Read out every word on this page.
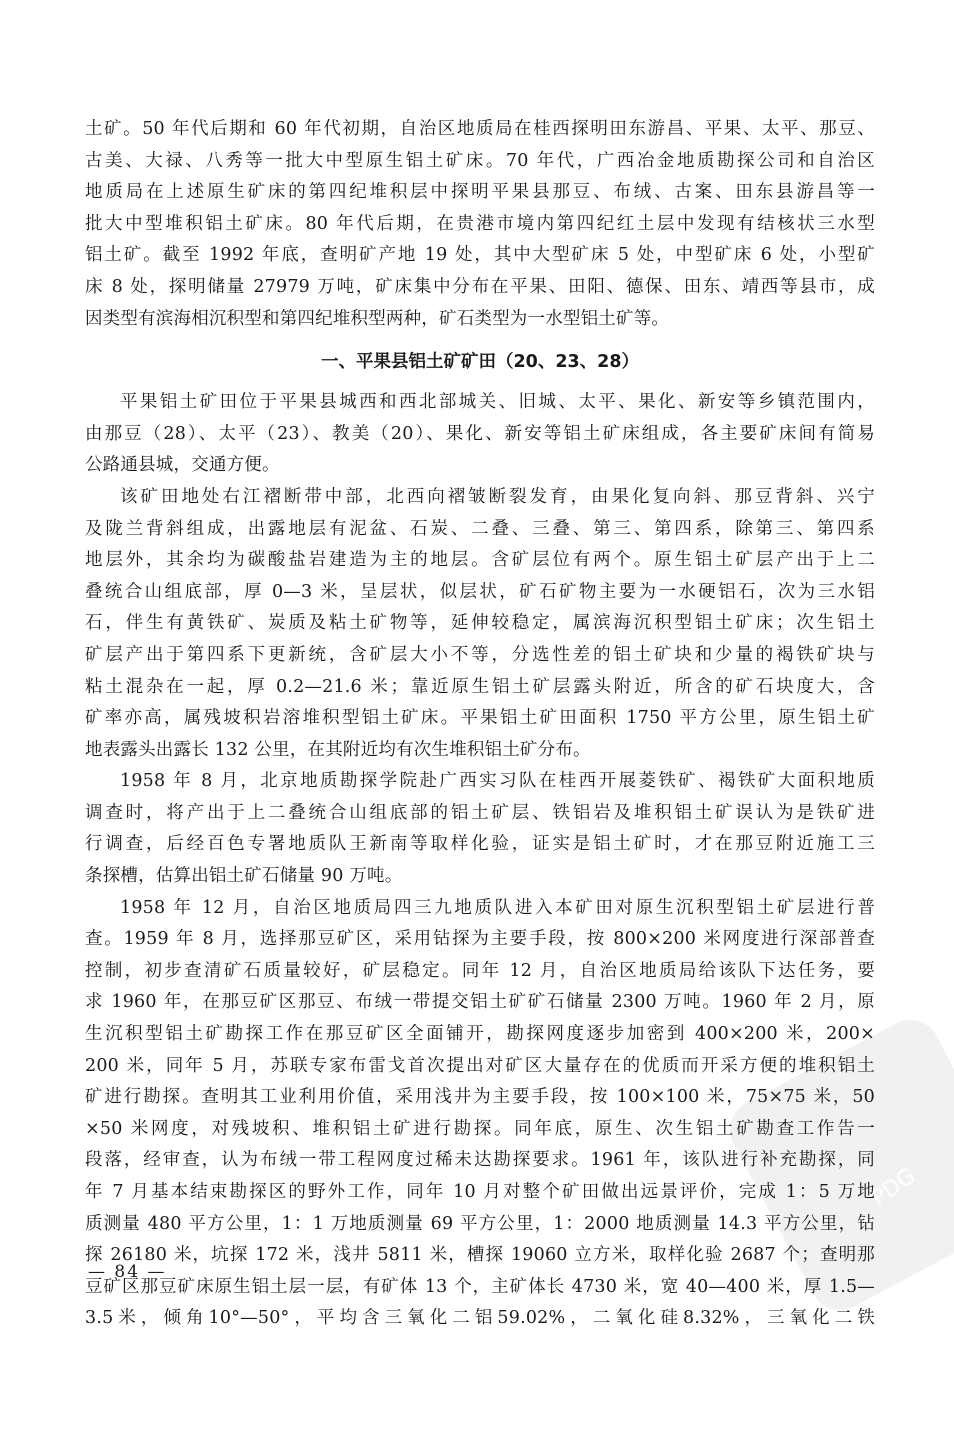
PDG

土矿。50 年代后期和 60 年代初期，自治区地质局在桂西探明田东游昌、平果、太平、那豆、
古美、大禄、八秀等一批大中型原生铝土矿床。70 年代，广西冶金地质勘探公司和自治区
地质局在上述原生矿床的第四纪堆积层中探明平果县那豆、布绒、古案、田东县游昌等一
批大中型堆积铝土矿床。80 年代后期，在贵港市境内第四纪红土层中发现有结核状三水型
铝土矿。截至 1992 年底，查明矿产地 19 处，其中大型矿床 5 处，中型矿床 6 处，小型矿
床 8 处，探明储量 27979 万吨，矿床集中分布在平果、田阳、德保、田东、靖西等县市，成
因类型有滨海相沉积型和第四纪堆积型两种，矿石类型为一水型铝土矿等。

一、平果县铝土矿矿田（20、23、28）

平果铝土矿田位于平果县城西和西北部城关、旧城、太平、果化、新安等乡镇范围内，
由那豆（28）、太平（23）、教美（20）、果化、新安等铝土矿床组成，各主要矿床间有简易
公路通县城，交通方便。

该矿田地处右江褶断带中部，北西向褶皱断裂发育，由果化复向斜、那豆背斜、兴宁
及陇兰背斜组成，出露地层有泥盆、石炭、二叠、三叠、第三、第四系，除第三、第四系
地层外，其余均为碳酸盐岩建造为主的地层。含矿层位有两个。原生铝土矿层产出于上二
叠统合山组底部，厚 0—3 米，呈层状，似层状，矿石矿物主要为一水硬铝石，次为三水铝
石，伴生有黄铁矿、炭质及粘土矿物等，延伸较稳定，属滨海沉积型铝土矿床；次生铝土
矿层产出于第四系下更新统，含矿层大小不等，分选性差的铝土矿块和少量的褐铁矿块与
粘土混杂在一起，厚 0.2—21.6 米；靠近原生铝土矿层露头附近，所含的矿石块度大，含
矿率亦高，属残坡积岩溶堆积型铝土矿床。平果铝土矿田面积 1750 平方公里，原生铝土矿
地表露头出露长 132 公里，在其附近均有次生堆积铝土矿分布。

1958 年 8 月，北京地质勘探学院赴广西实习队在桂西开展菱铁矿、褐铁矿大面积地质
调查时，将产出于上二叠统合山组底部的铝土矿层、铁铝岩及堆积铝土矿误认为是铁矿进
行调查，后经百色专署地质队王新南等取样化验，证实是铝土矿时，才在那豆附近施工三
条探槽，估算出铝土矿石储量 90 万吨。

1958 年 12 月，自治区地质局四三九地质队进入本矿田对原生沉积型铝土矿层进行普
查。1959 年 8 月，选择那豆矿区，采用钻探为主要手段，按 800×200 米网度进行深部普查
控制，初步查清矿石质量较好，矿层稳定。同年 12 月，自治区地质局给该队下达任务，要
求 1960 年，在那豆矿区那豆、布绒一带提交铝土矿矿石储量 2300 万吨。1960 年 2 月，原
生沉积型铝土矿勘探工作在那豆矿区全面铺开，勘探网度逐步加密到 400×200 米，200×
200 米，同年 5 月，苏联专家布雷戈首次提出对矿区大量存在的优质而开采方便的堆积铝土
矿进行勘探。查明其工业利用价值，采用浅井为主要手段，按 100×100 米，75×75 米，50
×50 米网度，对残坡积、堆积铝土矿进行勘探。同年底，原生、次生铝土矿勘查工作告一
段落，经审查，认为布绒一带工程网度过稀未达勘探要求。1961 年，该队进行补充勘探，同
年 7 月基本结束勘探区的野外工作，同年 10 月对整个矿田做出远景评价，完成 1：5 万地
质测量 480 平方公里，1：1 万地质测量 69 平方公里，1：2000 地质测量 14.3 平方公里，钻
探 26180 米，坑探 172 米，浅井 5811 米，槽探 19060 立方米，取样化验 2687 个；查明那
豆矿区那豆矿床原生铝土层一层，有矿体 13 个，主矿体长 4730 米，宽 40—400 米，厚 1.5—
3.5米，倾角10°—50°，平均含三氧化二铝59.02%，二氧化硅8.32%，三氧化二铁

— 84 —
